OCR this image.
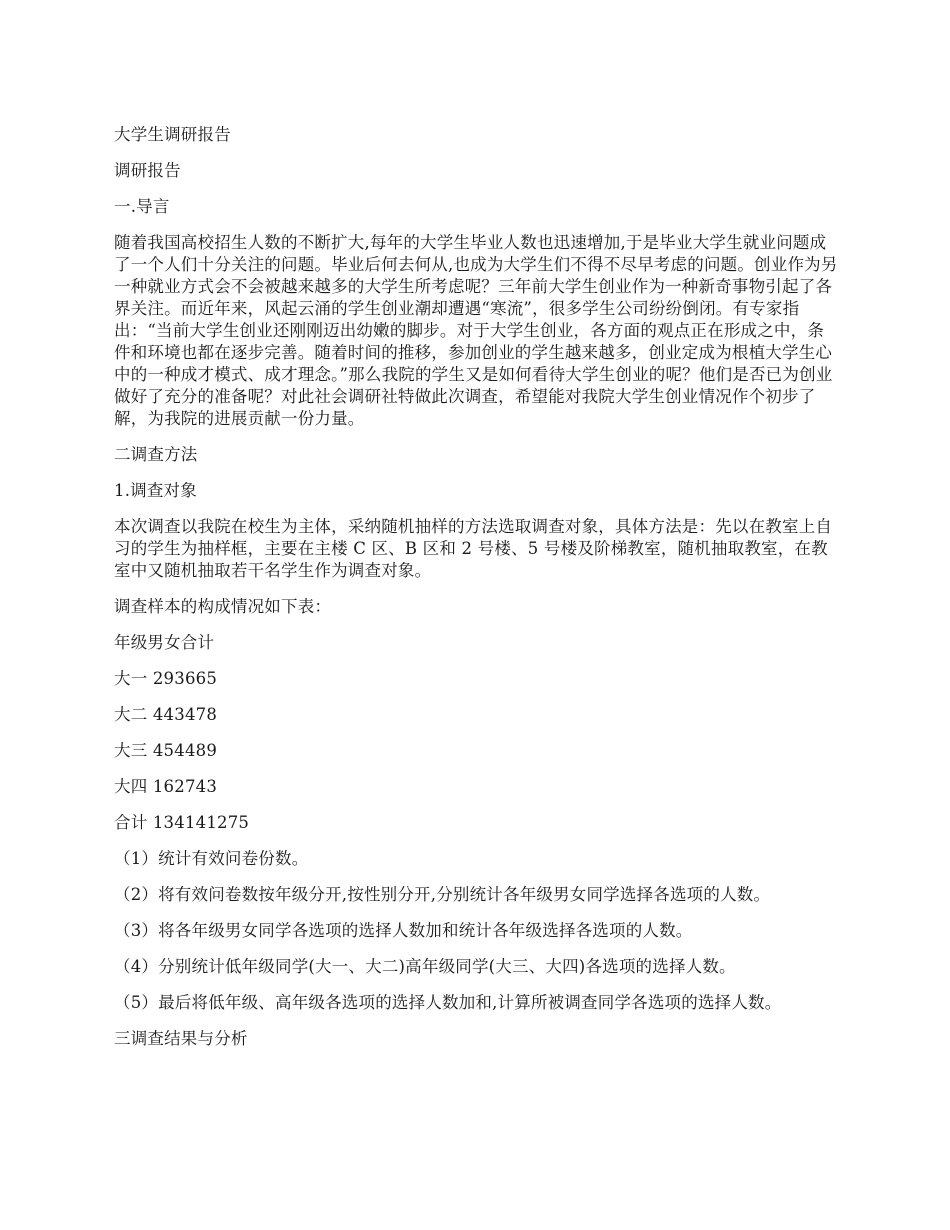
大学生调研报告

调研报告

一.导言

随着我国高校招生人数的不断扩大,每年的大学生毕业人数也迅速增加,于是毕业大学生就业问题成了一个人们十分关注的问题。毕业后何去何从,也成为大学生们不得不尽早考虑的问题。创业作为另一种就业方式会不会被越来越多的大学生所考虑呢？三年前大学生创业作为一种新奇事物引起了各界关注。而近年来，风起云涌的学生创业潮却遭遇“寒流”，很多学生公司纷纷倒闭。有专家指出：“当前大学生创业还刚刚迈出幼嫩的脚步。对于大学生创业，各方面的观点正在形成之中，条件和环境也都在逐步完善。随着时间的推移，参加创业的学生越来越多，创业定成为根植大学生心中的一种成才模式、成才理念。”那么我院的学生又是如何看待大学生创业的呢？他们是否已为创业做好了充分的准备呢？对此社会调研社特做此次调查，希望能对我院大学生创业情况作个初步了解，为我院的进展贡献一份力量。

二调查方法

1.调查对象

本次调查以我院在校生为主体，采纳随机抽样的方法选取调查对象，具体方法是：先以在教室上自习的学生为抽样框，主要在主楼 C 区、B 区和 2 号楼、5 号楼及阶梯教室，随机抽取教室，在教室中又随机抽取若干名学生作为调查对象。

调查样本的构成情况如下表：

年级男女合计

大一 293665

大二 443478

大三 454489

大四 162743

合计 134141275

（1）统计有效问卷份数。

（2）将有效问卷数按年级分开,按性别分开,分别统计各年级男女同学选择各选项的人数。

（3）将各年级男女同学各选项的选择人数加和统计各年级选择各选项的人数。

（4）分别统计低年级同学(大一、大二)高年级同学(大三、大四)各选项的选择人数。

（5）最后将低年级、高年级各选项的选择人数加和,计算所被调查同学各选项的选择人数。

三调查结果与分析
